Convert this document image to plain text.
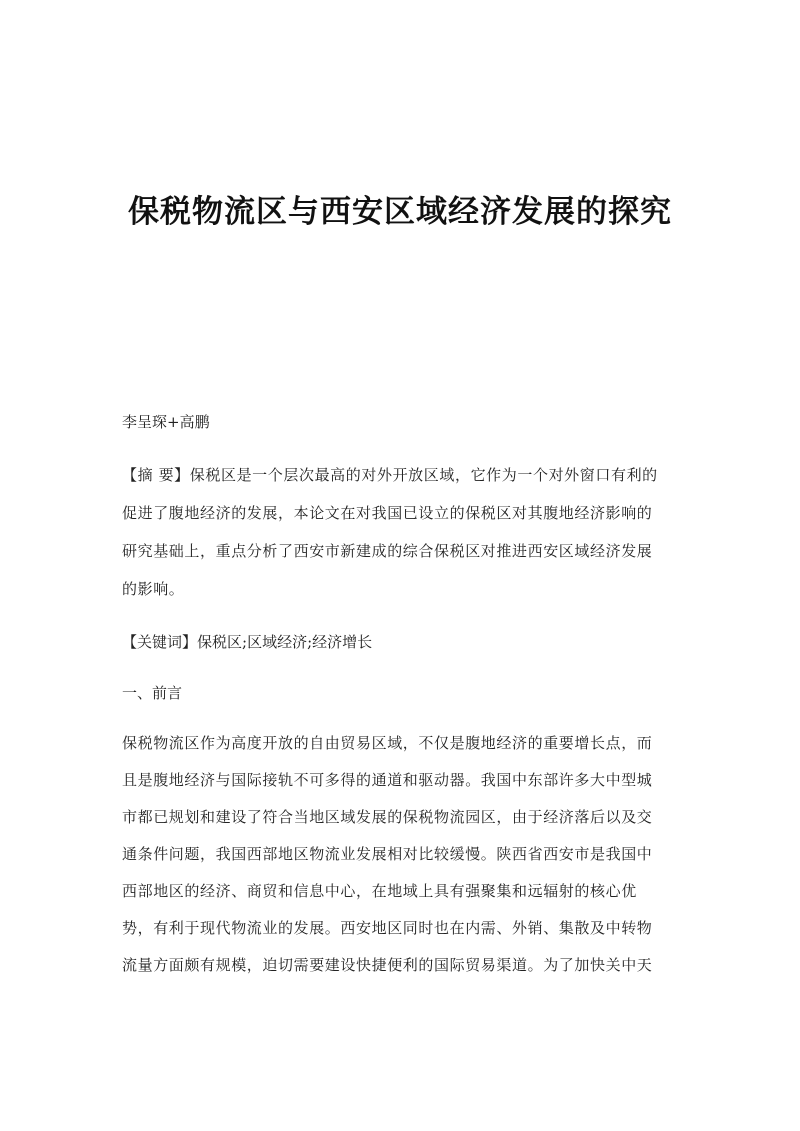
保税物流区与西安区域经济发展的探究
李呈琛+高鹏
【摘 要】保税区是一个层次最高的对外开放区域，它作为一个对外窗口有利的
促进了腹地经济的发展，本论文在对我国已设立的保税区对其腹地经济影响的
研究基础上，重点分析了西安市新建成的综合保税区对推进西安区域经济发展
的影响。
【关键词】保税区;区域经济;经济增长
一、前言
保税物流区作为高度开放的自由贸易区域，不仅是腹地经济的重要增长点，而
且是腹地经济与国际接轨不可多得的通道和驱动器。我国中东部许多大中型城
市都已规划和建设了符合当地区域发展的保税物流园区，由于经济落后以及交
通条件问题，我国西部地区物流业发展相对比较缓慢。陕西省西安市是我国中
西部地区的经济、商贸和信息中心，在地域上具有强聚集和远辐射的核心优
势，有利于现代物流业的发展。西安地区同时也在内需、外销、集散及中转物
流量方面颇有规模，迫切需要建设快捷便利的国际贸易渠道。为了加快关中天
